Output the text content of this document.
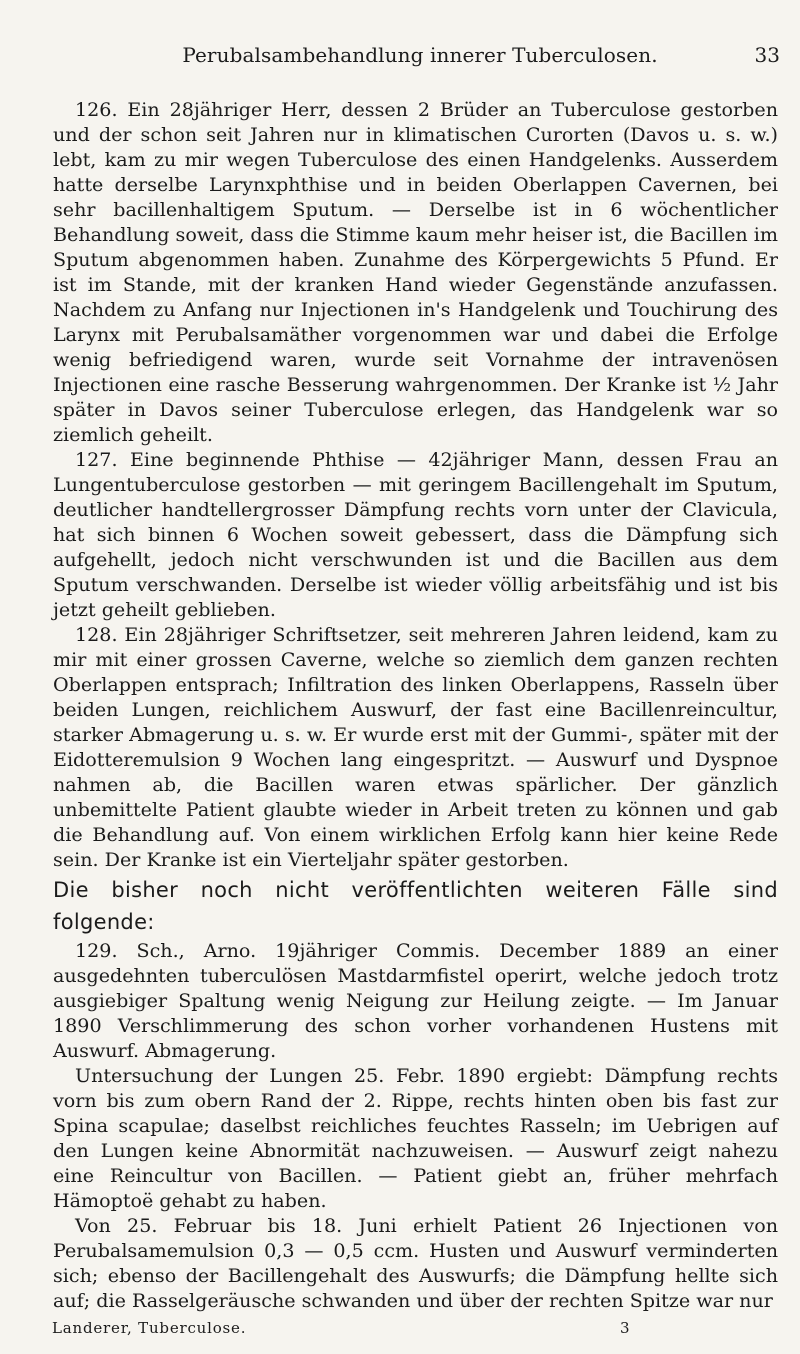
Perubalsambehandlung innerer Tuberculosen.	33

126. Ein 28jähriger Herr, dessen 2 Brüder an Tuberculose gestorben und der schon seit Jahren nur in klimatischen Curorten (Davos u. s. w.) lebt, kam zu mir wegen Tuberculose des einen Handgelenks. Ausserdem hatte derselbe Larynxphthise und in beiden Oberlappen Cavernen, bei sehr bacillenhaltigem Sputum. — Derselbe ist in 6 wöchentlicher Behandlung soweit, dass die Stimme kaum mehr heiser ist, die Bacillen im Sputum abgenommen haben. Zunahme des Körpergewichts 5 Pfund. Er ist im Stande, mit der kranken Hand wieder Gegenstände anzufassen. Nachdem zu Anfang nur Injectionen in's Handgelenk und Touchirung des Larynx mit Perubalsamäther vorgenommen war und dabei die Erfolge wenig befriedigend waren, wurde seit Vornahme der intravenösen Injectionen eine rasche Besserung wahrgenommen. Der Kranke ist ½ Jahr später in Davos seiner Tuberculose erlegen, das Handgelenk war so ziemlich geheilt.

127. Eine beginnende Phthise — 42jähriger Mann, dessen Frau an Lungentuberculose gestorben — mit geringem Bacillengehalt im Sputum, deutlicher handtellergrosser Dämpfung rechts vorn unter der Clavicula, hat sich binnen 6 Wochen soweit gebessert, dass die Dämpfung sich aufgehellt, jedoch nicht verschwunden ist und die Bacillen aus dem Sputum verschwanden. Derselbe ist wieder völlig arbeitsfähig und ist bis jetzt geheilt geblieben.

128. Ein 28jähriger Schriftsetzer, seit mehreren Jahren leidend, kam zu mir mit einer grossen Caverne, welche so ziemlich dem ganzen rechten Oberlappen entsprach; Infiltration des linken Oberlappens, Rasseln über beiden Lungen, reichlichem Auswurf, der fast eine Bacillenreincultur, starker Abmagerung u. s. w. Er wurde erst mit der Gummi-, später mit der Eidotteremulsion 9 Wochen lang eingespritzt. — Auswurf und Dyspnoe nahmen ab, die Bacillen waren etwas spärlicher. Der gänzlich unbemittelte Patient glaubte wieder in Arbeit treten zu können und gab die Behandlung auf. Von einem wirklichen Erfolg kann hier keine Rede sein. Der Kranke ist ein Vierteljahr später gestorben.

Die bisher noch nicht veröffentlichten weiteren Fälle sind folgende:

129. Sch., Arno. 19jähriger Commis. December 1889 an einer ausgedehnten tuberculösen Mastdarmfistel operirt, welche jedoch trotz ausgiebiger Spaltung wenig Neigung zur Heilung zeigte. — Im Januar 1890 Verschlimmerung des schon vorher vorhandenen Hustens mit Auswurf. Abmagerung.

Untersuchung der Lungen 25. Febr. 1890 ergiebt: Dämpfung rechts vorn bis zum obern Rand der 2. Rippe, rechts hinten oben bis fast zur Spina scapulae; daselbst reichliches feuchtes Rasseln; im Uebrigen auf den Lungen keine Abnormität nachzuweisen. — Auswurf zeigt nahezu eine Reincultur von Bacillen. — Patient giebt an, früher mehrfach Hämoptoë gehabt zu haben.

Von 25. Februar bis 18. Juni erhielt Patient 26 Injectionen von Perubalsamemulsion 0,3 — 0,5 ccm. Husten und Auswurf verminderten sich; ebenso der Bacillengehalt des Auswurfs; die Dämpfung hellte sich auf; die Rasselgeräusche schwanden und über der rechten Spitze war nur

Landerer, Tuberculose.	3
